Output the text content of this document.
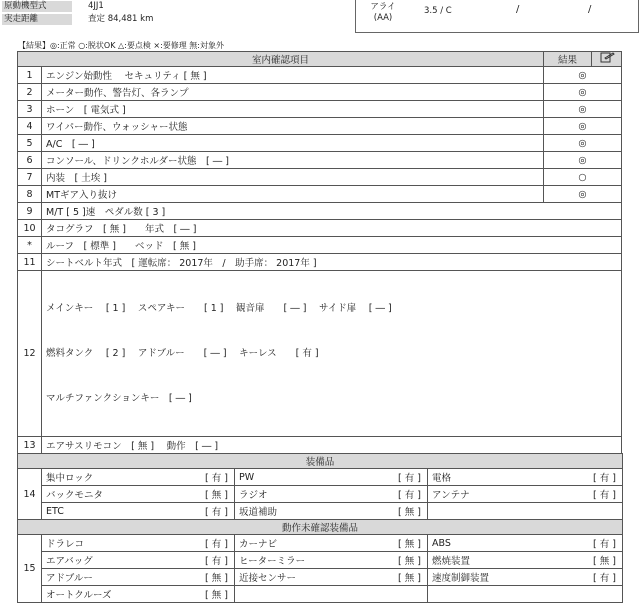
原動機型式	4JJ1
実走距離	査定 84,481 km
アライ
(AA)
3.5 / C	/	/
【結果】◎:正常 ○:脱状OK △:要点検 ×:要修理 無:対象外
室内確認項目		結果	
1	エンジン始動性　 セキュリティ [ 無 ]	◎	
2	メーター動作、警告灯、各ランプ	◎	
3	ホーン　[ 電気式 ]	◎	
4	ワイパー動作、ウォッシャー状態	◎	
5	A/C　[ ― ]	◎	
6	コンソール、ドリンクホルダー状態　[ ― ]	◎	
7	内装　[ 土埃 ]	○	
8	MTギア入り抜け	◎	
9	M/T [ 5 ]速　ペダル数 [ 3 ]
10	タコグラフ　[ 無 ]　　年式　[ ― ]
*	ルーフ　[ 標準 ]　　ベッド　[ 無 ]
11	シートベルト年式　[ 運転席： 2017年　/　助手席： 2017年 ]
12	メインキー　 [ 1 ]　 スペアキー　　[ 1 ]　 観音扉　　[ ― ]　 サイド扉　 [ ― ]

燃料タンク　 [ 2 ]　 アドブルー　　[ ― ]　 キーレス　　[ 有 ]

マルチファンクションキー　[ ― ]

13	エアサスリモコン　[ 無 ]　 動作　[ ― ]
装備品						
14	集中ロック	[ 有 ]	PW	[ 有 ]	電格	[ 有 ]
	バックモニタ	[ 無 ]	ラジオ	[ 有 ]	アンテナ	[ 有 ]
	ETC	[ 有 ]	坂道補助	[ 無 ]		
動作未確認装備品						
15	ドラレコ	[ 有 ]	カーナビ	[ 無 ]	ABS	[ 有 ]
	エアバッグ	[ 有 ]	ヒーターミラー	[ 無 ]	燃焼装置	[ 無 ]
	アドブルー	[ 無 ]	近接センサー	[ 無 ]	速度制御装置	[ 有 ]
	オートクルーズ	[ 無 ]				
